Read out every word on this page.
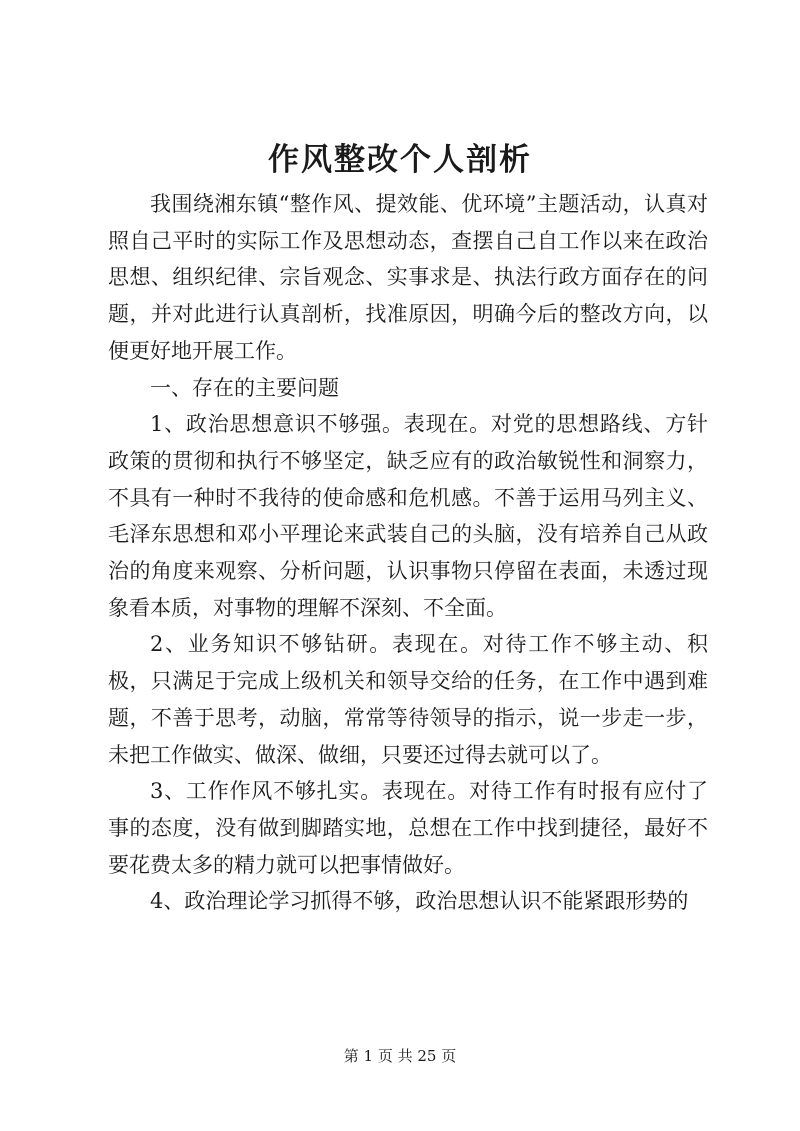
作风整改个人剖析

我围绕湘东镇“整作风、提效能、优环境”主题活动，认真对照自己平时的实际工作及思想动态，查摆自己自工作以来在政治思想、组织纪律、宗旨观念、实事求是、执法行政方面存在的问题，并对此进行认真剖析，找准原因，明确今后的整改方向，以便更好地开展工作。

一、存在的主要问题

1、政治思想意识不够强。表现在。对党的思想路线、方针政策的贯彻和执行不够坚定，缺乏应有的政治敏锐性和洞察力，不具有一种时不我待的使命感和危机感。不善于运用马列主义、毛泽东思想和邓小平理论来武装自己的头脑，没有培养自己从政治的角度来观察、分析问题，认识事物只停留在表面，未透过现象看本质，对事物的理解不深刻、不全面。

2、业务知识不够钻研。表现在。对待工作不够主动、积极，只满足于完成上级机关和领导交给的任务，在工作中遇到难题，不善于思考，动脑，常常等待领导的指示，说一步走一步，未把工作做实、做深、做细，只要还过得去就可以了。

3、工作作风不够扎实。表现在。对待工作有时报有应付了事的态度，没有做到脚踏实地，总想在工作中找到捷径，最好不要花费太多的精力就可以把事情做好。

4、政治理论学习抓得不够，政治思想认识不能紧跟形势的

第 1 页 共 25 页
